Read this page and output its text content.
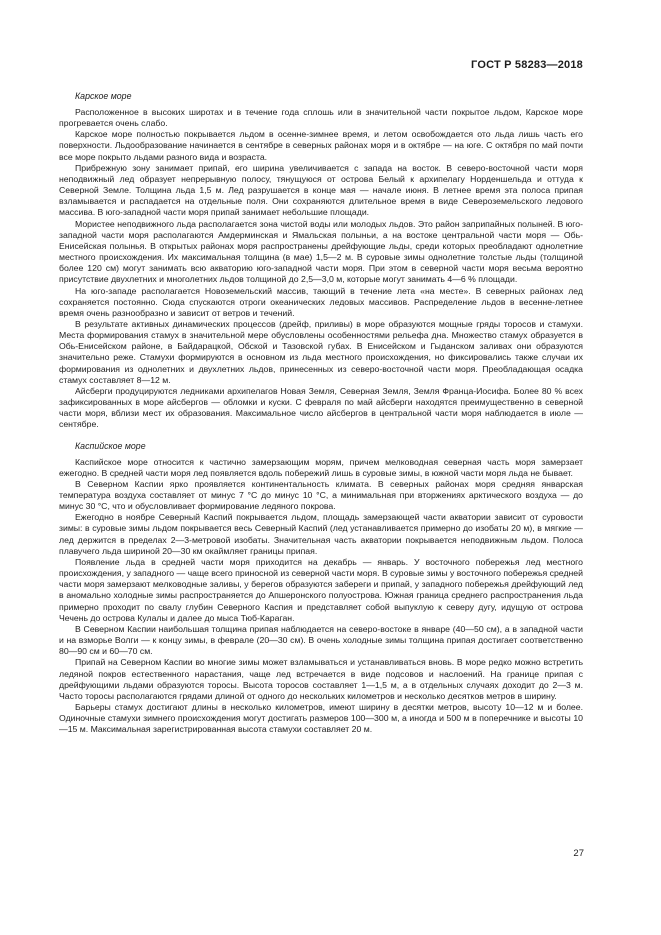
ГОСТ Р 58283—2018
Карское море

Расположенное в высоких широтах и в течение года сплошь или в значительной части покрытое льдом, Карское море прогревается очень слабо.

Карское море полностью покрывается льдом в осенне-зимнее время, и летом освобождается ото льда лишь часть его поверхности. Льдообразование начинается в сентябре в северных районах моря и в октябре — на юге. С октября по май почти все море покрыто льдами разного вида и возраста.

Прибрежную зону занимает припай, его ширина увеличивается с запада на восток. В северо-восточной части моря неподвижный лед образует непрерывную полосу, тянущуюся от острова Белый к архипелагу Норденшельда и оттуда к Северной Земле. Толщина льда 1,5 м. Лед разрушается в конце мая — начале июня. В летнее время эта полоса припая взламывается и распадается на отдельные поля. Они сохраняются длительное время в виде Североземельского ледового массива. В юго-западной части моря припай занимает небольшие площади.

Мористее неподвижного льда располагается зона чистой воды или молодых льдов. Это район заприпайных полыней. В юго-западной части моря располагаются Амдерминская и Ямальская полыньи, а на востоке центральной части моря — Обь-Енисейская полынья. В открытых районах моря распространены дрейфующие льды, среди которых преобладают однолетние местного происхождения. Их максимальная толщина (в мае) 1,5—2 м. В суровые зимы однолетние толстые льды (толщиной более 120 см) могут занимать всю акваторию юго-западной части моря. При этом в северной части моря весьма вероятно присутствие двухлетних и многолетних льдов толщиной до 2,5—3,0 м, которые могут занимать 4—6 % площади.

На юго-западе располагается Новоземельский массив, тающий в течение лета «на месте». В северных районах лед сохраняется постоянно. Сюда спускаются отроги океанических ледовых массивов. Распределение льдов в весенне-летнее время очень разнообразно и зависит от ветров и течений.

В результате активных динамических процессов (дрейф, приливы) в море образуются мощные гряды торосов и стамухи. Места формирования стамух в значительной мере обусловлены особенностями рельефа дна. Множество стамух образуется в Обь-Енисейском районе, в Байдарацкой, Обской и Тазовской губах. В Енисейском и Гыданском заливах они образуются значительно реже. Стамухи формируются в основном из льда местного происхождения, но фиксировались также случаи их формирования из однолетних и двухлетних льдов, принесенных из северо-восточной части моря. Преобладающая осадка стамух составляет 8—12 м.

Айсберги продуцируются ледниками архипелагов Новая Земля, Северная Земля, Земля Франца-Иосифа. Более 80 % всех зафиксированных в море айсбергов — обломки и куски. С февраля по май айсберги находятся преимущественно в северной части моря, вблизи мест их образования. Максимальное число айсбергов в центральной части моря наблюдается в июле — сентябре.

Каспийское море

Каспийское море относится к частично замерзающим морям, причем мелководная северная часть моря замерзает ежегодно. В средней части моря лед появляется вдоль побережий лишь в суровые зимы, в южной части моря льда не бывает.

В Северном Каспии ярко проявляется континентальность климата. В северных районах моря средняя январская температура воздуха составляет от минус 7 °С до минус 10 °С, а минимальная при вторжениях арктического воздуха — до минус 30 °С, что и обусловливает формирование ледяного покрова.

Ежегодно в ноябре Северный Каспий покрывается льдом, площадь замерзающей части акватории зависит от суровости зимы: в суровые зимы льдом покрывается весь Северный Каспий (лед устанавливается примерно до изобаты 20 м), в мягкие — лед держится в пределах 2—3-метровой изобаты. Значительная часть акватории покрывается неподвижным льдом. Полоса плавучего льда шириной 20—30 км окаймляет границы припая.

Появление льда в средней части моря приходится на декабрь — январь. У восточного побережья лед местного происхождения, у западного — чаще всего приносной из северной части моря. В суровые зимы у восточного побережья средней части моря замерзают мелководные заливы, у берегов образуются забереги и припай, у западного побережья дрейфующий лед в аномально холодные зимы распространяется до Апшеронского полуострова. Южная граница среднего распространения льда примерно проходит по свалу глубин Северного Каспия и представляет собой выпуклую к северу дугу, идущую от острова Чечень до острова Кулалы и далее до мыса Тюб-Караган.

В Северном Каспии наибольшая толщина припая наблюдается на северо-востоке в январе (40—50 см), а в западной части и на взморье Волги — к концу зимы, в феврале (20—30 см). В очень холодные зимы толщина припая достигает соответственно 80—90 см и 60—70 см.

Припай на Северном Каспии во многие зимы может взламываться и устанавливаться вновь. В море редко можно встретить ледяной покров естественного нарастания, чаще лед встречается в виде подсовов и наслоений. На границе припая с дрейфующими льдами образуются торосы. Высота торосов составляет 1—1,5 м, а в отдельных случаях доходит до 2—3 м. Часто торосы располагаются грядами длиной от одного до нескольких километров и несколько десятков метров в ширину.

Барьеры стамух достигают длины в несколько километров, имеют ширину в десятки метров, высоту 10—12 м и более. Одиночные стамухи зимнего происхождения могут достигать размеров 100—300 м, а иногда и 500 м в поперечнике и высоты 10—15 м. Максимальная зарегистрированная высота стамухи составляет 20 м.

27
